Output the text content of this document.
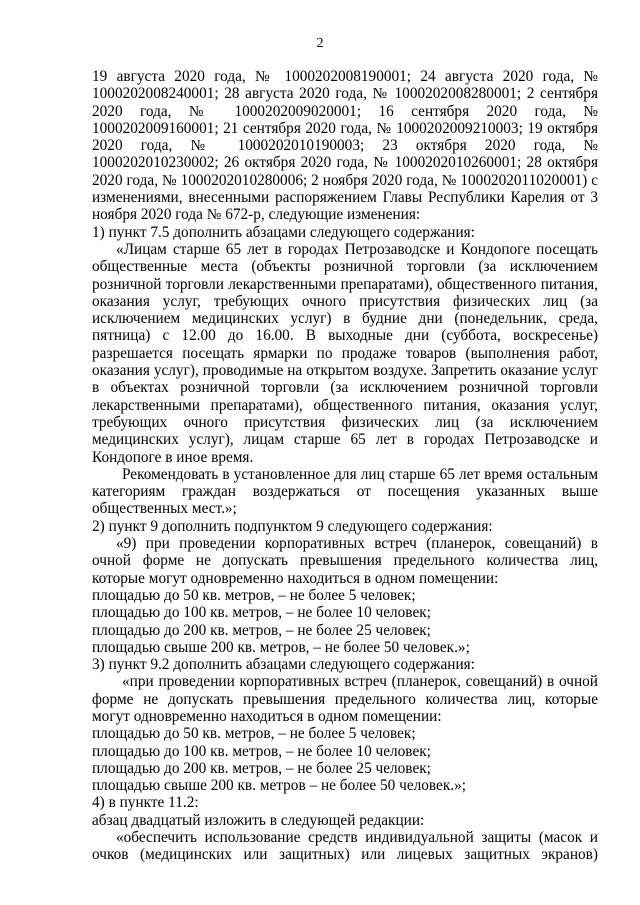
2

19 августа 2020 года, № 1000202008190001; 24 августа 2020 года, № 1000202008240001; 28 августа 2020 года, № 1000202008280001; 2 сентября 2020 года, № 1000202009020001; 16 сентября 2020 года, № 1000202009160001; 21 сентября 2020 года, № 1000202009210003; 19 октября 2020 года, № 1000202010190003; 23 октября 2020 года, № 1000202010230002; 26 октября 2020 года, № 1000202010260001; 28 октября 2020 года, № 1000202010280006; 2 ноября 2020 года, № 1000202011020001) с изменениями, внесенными распоряжением Главы Республики Карелия от 3 ноября 2020 года № 672-р, следующие изменения:

1) пункт 7.5 дополнить абзацами следующего содержания:

«Лицам старше 65 лет в городах Петрозаводске и Кондопоге посещать общественные места (объекты розничной торговли (за исключением розничной торговли лекарственными препаратами), общественного питания, оказания услуг, требующих очного присутствия физических лиц (за исключением медицинских услуг) в будние дни (понедельник, среда, пятница) с 12.00 до 16.00. В выходные дни (суббота, воскресенье) разрешается посещать ярмарки по продаже товаров (выполнения работ, оказания услуг), проводимые на открытом воздухе. Запретить оказание услуг в объектах розничной торговли (за исключением розничной торговли лекарственными препаратами), общественного питания, оказания услуг, требующих очного присутствия физических лиц (за исключением медицинских услуг), лицам старше 65 лет в городах Петрозаводске и Кондопоге в иное время.

Рекомендовать в установленное для лиц старше 65 лет время остальным категориям граждан воздержаться от посещения указанных выше общественных мест.»;

2) пункт 9 дополнить подпунктом 9 следующего содержания:

«9) при проведении корпоративных встреч (планерок, совещаний) в очной форме не допускать превышения предельного количества лиц, которые могут одновременно находиться в одном помещении:

площадью до 50 кв. метров, – не более 5 человек;

площадью до 100 кв. метров, – не более 10 человек;

площадью до 200 кв. метров, – не более 25 человек;

площадью свыше 200 кв. метров, – не более 50 человек.»;

3) пункт 9.2 дополнить абзацами следующего содержания:

«при проведении корпоративных встреч (планерок, совещаний) в очной форме не допускать превышения предельного количества лиц, которые могут одновременно находиться в одном помещении:

площадью до 50 кв. метров, – не более 5 человек;

площадью до 100 кв. метров, – не более 10 человек;

площадью до 200 кв. метров, – не более 25 человек;

площадью свыше 200 кв. метров – не более 50 человек.»;

4) в пункте 11.2:

абзац двадцатый изложить в следующей редакции:

«обеспечить использование средств индивидуальной защиты (масок и очков (медицинских или защитных) или лицевых защитных экранов)
